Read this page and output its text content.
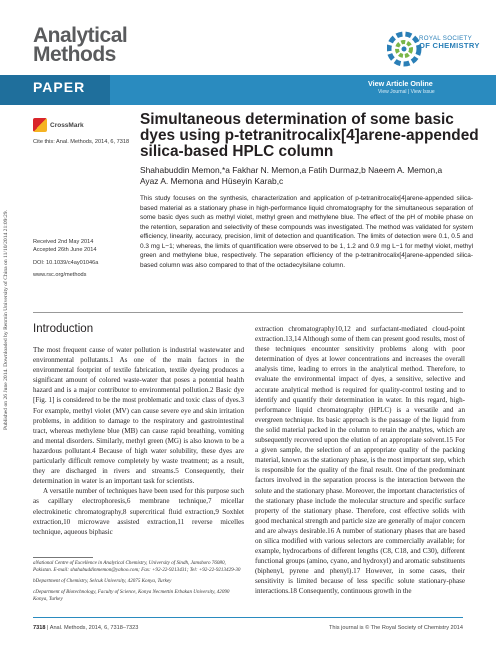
Published on 26 June 2014. Downloaded by Renmin University of China on 11/10/2014 21:09:29.
Analytical
Methods
ROYAL SOCIETY
OF CHEMISTRY
PAPER	View Article Online
View Journal | View Issue
CrossMark
Cite this: Anal. Methods, 2014, 6, 7318
Simultaneous determination of some basic dyes using p-tetranitrocalix[4]arene-appended silica-based HPLC column
Shahabuddin Memon,*a Fakhar N. Memon,a Fatih Durmaz,b Naeem A. Memon,a
Ayaz A. Memona and Hüseyin Karab,c
This study focuses on the synthesis, characterization and application of p-tetranitrocalix[4]arene-appended silica-based material as a stationary phase in high-performance liquid chromatography for the simultaneous separation of some basic dyes such as methyl violet, methyl green and methylene blue. The effect of the pH of mobile phase on the retention, separation and selectivity of these compounds was investigated. The method was validated for system efficiency, linearity, accuracy, precision, limit of detection and quantification. The limits of detection were 0.1, 0.5 and 0.3 mg L−1; whereas, the limits of quantification were observed to be 1, 1.2 and 0.9 mg L−1 for methyl violet, methyl green and methylene blue, respectively. The separation efficiency of the p-tetranitrocalix[4]arene-appended silica-based column was also compared to that of the octadecylsilane column.
Received 2nd May 2014
Accepted 26th June 2014
DOI: 10.1039/c4ay01046a
www.rsc.org/methods
Introduction

The most frequent cause of water pollution is industrial wastewater and environmental pollutants.1 As one of the main factors in the environmental footprint of textile fabrication, textile dyeing produces a significant amount of colored waste-water that poses a potential health hazard and is a major contributor to environmental pollution.2 Basic dye [Fig. 1] is considered to be the most problematic and toxic class of dyes.3 For example, methyl violet (MV) can cause severe eye and skin irritation problems, in addition to damage to the respiratory and gastrointestinal tract, whereas methylene blue (MB) can cause rapid breathing, vomiting and mental disorders. Similarly, methyl green (MG) is also known to be a hazardous pollutant.4 Because of high water solubility, these dyes are particularly difficult remove completely by waste treatment; as a result, they are discharged in rivers and streams.5 Consequently, their determination in water is an important task for scientists.

A versatile number of techniques have been used for this purpose such as capillary electrophoresis,6 membrane technique,7 micellar electrokinetic chromatography,8 supercritical fluid extraction,9 Soxhlet extraction,10 microwave assisted extraction,11 reverse micelles technique, aqueous biphasic

extraction chromatography10,12 and surfactant-mediated cloud-point extraction.13,14 Although some of them can present good results, most of these techniques encounter sensitivity problems along with poor determination of dyes at lower concentrations and increases the overall analysis time, leading to errors in the analytical method. Therefore, to evaluate the environmental impact of dyes, a sensitive, selective and accurate analytical method is required for quality-control testing and to identify and quantify their determination in water. In this regard, high-performance liquid chromatography (HPLC) is a versatile and an evergreen technique. Its basic approach is the passage of the liquid from the solid material packed in the column to retain the analytes, which are subsequently recovered upon the elution of an appropriate solvent.15 For a given sample, the selection of an appropriate quality of the packing material, known as the stationary phase, is the most important step, which is responsible for the quality of the final result. One of the predominant factors involved in the separation process is the interaction between the solute and the stationary phase. Moreover, the important characteristics of the stationary phase include the molecular structure and specific surface property of the stationary phase. Therefore, cost effective solids with good mechanical strength and particle size are generally of major concern and are always desirable.16 A number of stationary phases that are based on silica modified with various selectors are commercially available; for example, hydrocarbons of different lengths (C8, C18, and C30), different functional groups (amino, cyano, and hydroxyl) and aromatic substituents (biphenyl, pyrene and phenyl).17 However, in some cases, their sensitivity is limited because of less specific solute stationary-phase interactions.18 Consequently, continuous growth in the

aNational Centre of Excellence in Analytical Chemistry, University of Sindh, Jamshoro 76080, Pakistan. E-mail: shahabuddinmemon@yahoo.com; Fax: +92-22-9213431; Tel: +92-22-9213429-30

bDepartment of Chemistry, Selcuk University, 42075 Konya, Turkey

cDepartment of Biotechnology, Faculty of Science, Konya Necmettin Erbakan University, 42090 Konya, Turkey

7318 | Anal. Methods, 2014, 6, 7318–7323	This journal is © The Royal Society of Chemistry 2014
